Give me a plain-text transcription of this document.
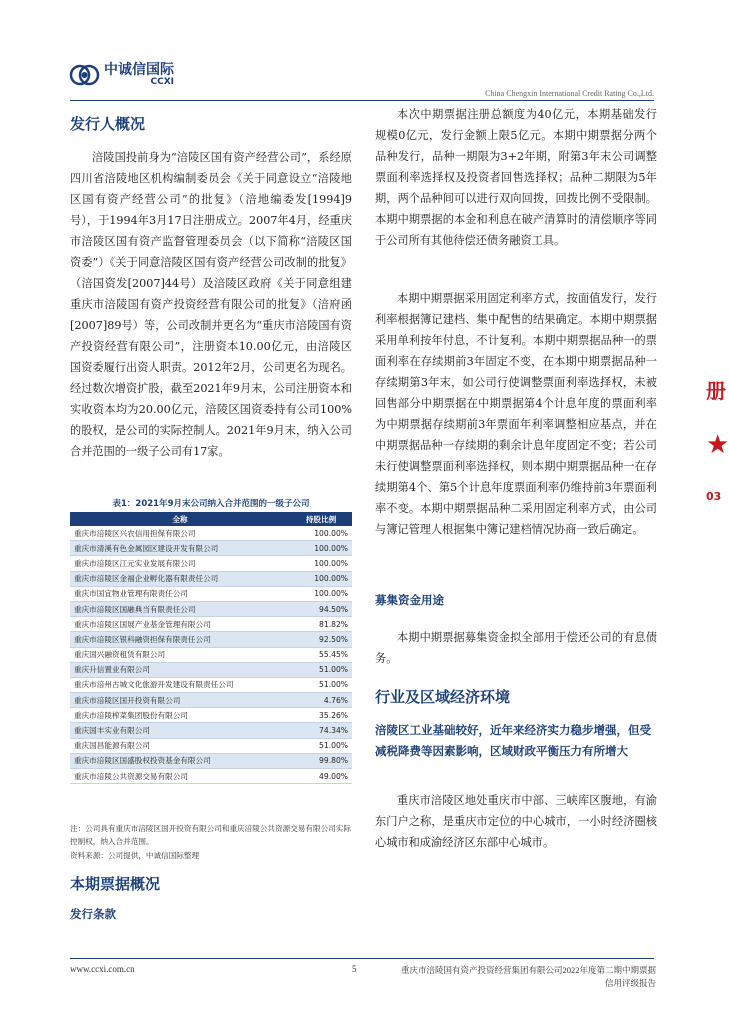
中诚信国际
CCXI
China Chengxin International Credit Rating Co.,Ltd.
发行人概况

涪陵国投前身为“涪陵区国有资产经营公司”，系经原四川省涪陵地区机构编制委员会《关于同意设立“涪陵地区国有资产经营公司”的批复》（涪地编委发[1994]9号），于1994年3月17日注册成立。2007年4月，经重庆市涪陵区国有资产监督管理委员会（以下简称“涪陵区国资委”）《关于同意涪陵区国有资产经营公司改制的批复》（涪国资发[2007]44号）及涪陵区政府《关于同意组建重庆市涪陵国有资产投资经营有限公司的批复》（涪府函[2007]89号）等，公司改制并更名为“重庆市涪陵国有资产投资经营有限公司”，注册资本10.00亿元，由涪陵区国资委履行出资人职责。2012年2月，公司更名为现名。经过数次增资扩股，截至2021年9月末，公司注册资本和实收资本均为20.00亿元，涪陵区国资委持有公司100%的股权，是公司的实际控制人。2021年9月末，纳入公司合并范围的一级子公司有17家。

表1：2021年9月末公司纳入合并范围的一级子公司
全称	持股比例
重庆市涪陵区兴农信用担保有限公司	100.00%
重庆市清溪有色金属园区建设开发有限公司	100.00%
重庆市涪陵区江元实业发展有限公司	100.00%
重庆市涪陵区金福企业孵化器有限责任公司	100.00%
重庆市国宜物业管理有限责任公司	100.00%
重庆市涪陵区国融典当有限责任公司	94.50%
重庆市涪陵区国展产业基金管理有限公司	81.82%
重庆市涪陵区银科融资担保有限责任公司	92.50%
重庆国兴融资租赁有限公司	55.45%
重庆升信置业有限公司	51.00%
重庆市涪州古城文化旅游开发建设有限责任公司	51.00%
重庆市涪陵区国开投资有限公司	4.76%
重庆市涪陵榨菜集团股份有限公司	35.26%
重庆国丰实业有限公司	74.34%
重庆国昌能源有限公司	51.00%
重庆市涪陵区国盛股权投资基金有限公司	99.80%
重庆市涪陵公共资源交易有限公司	49.00%
注：公司具有重庆市涪陵区国开投资有限公司和重庆涪陵公共资源交易有限公司实际控制权，纳入合并范围。
资料来源：公司提供，中诚信国际整理
本期票据概况
发行条款

本次中期票据注册总额度为40亿元，本期基础发行规模0亿元，发行金额上限5亿元。本期中期票据分两个品种发行，品种一期限为3+2年期，附第3年末公司调整票面利率选择权及投资者回售选择权；品种二期限为5年期，两个品种间可以进行双向回拨，回拨比例不受限制。本期中期票据的本金和利息在破产清算时的清偿顺序等同于公司所有其他待偿还债务融资工具。

本期中期票据采用固定利率方式，按面值发行，发行利率根据簿记建档、集中配售的结果确定。本期中期票据采用单利按年付息，不计复利。本期中期票据品种一的票面利率在存续期前3年固定不变，在本期中期票据品种一存续期第3年末，如公司行使调整票面利率选择权，未被回售部分中期票据在中期票据第4个计息年度的票面利率为中期票据存续期前3年票面年利率调整相应基点，并在中期票据品种一存续期的剩余计息年度固定不变；若公司未行使调整票面利率选择权，则本期中期票据品种一在存续期第4个、第5个计息年度票面利率仍维持前3年票面利率不变。本期中期票据品种二采用固定利率方式，由公司与簿记管理人根据集中簿记建档情况协商一致后确定。

募集资金用途

本期中期票据募集资金拟全部用于偿还公司的有息债务。

行业及区域经济环境
涪陵区工业基础较好，近年来经济实力稳步增强，但受减税降费等因素影响，区域财政平衡压力有所增大

重庆市涪陵区地处重庆市中部、三峡库区腹地，有渝东门户之称，是重庆市定位的中心城市，一小时经济圈核心城市和成渝经济区东部中心城市。

册
★
03
www.ccxi.com.cn	5	重庆市涪陵国有资产投资经营集团有限公司2022年度第二期中期票据
信用评级报告
